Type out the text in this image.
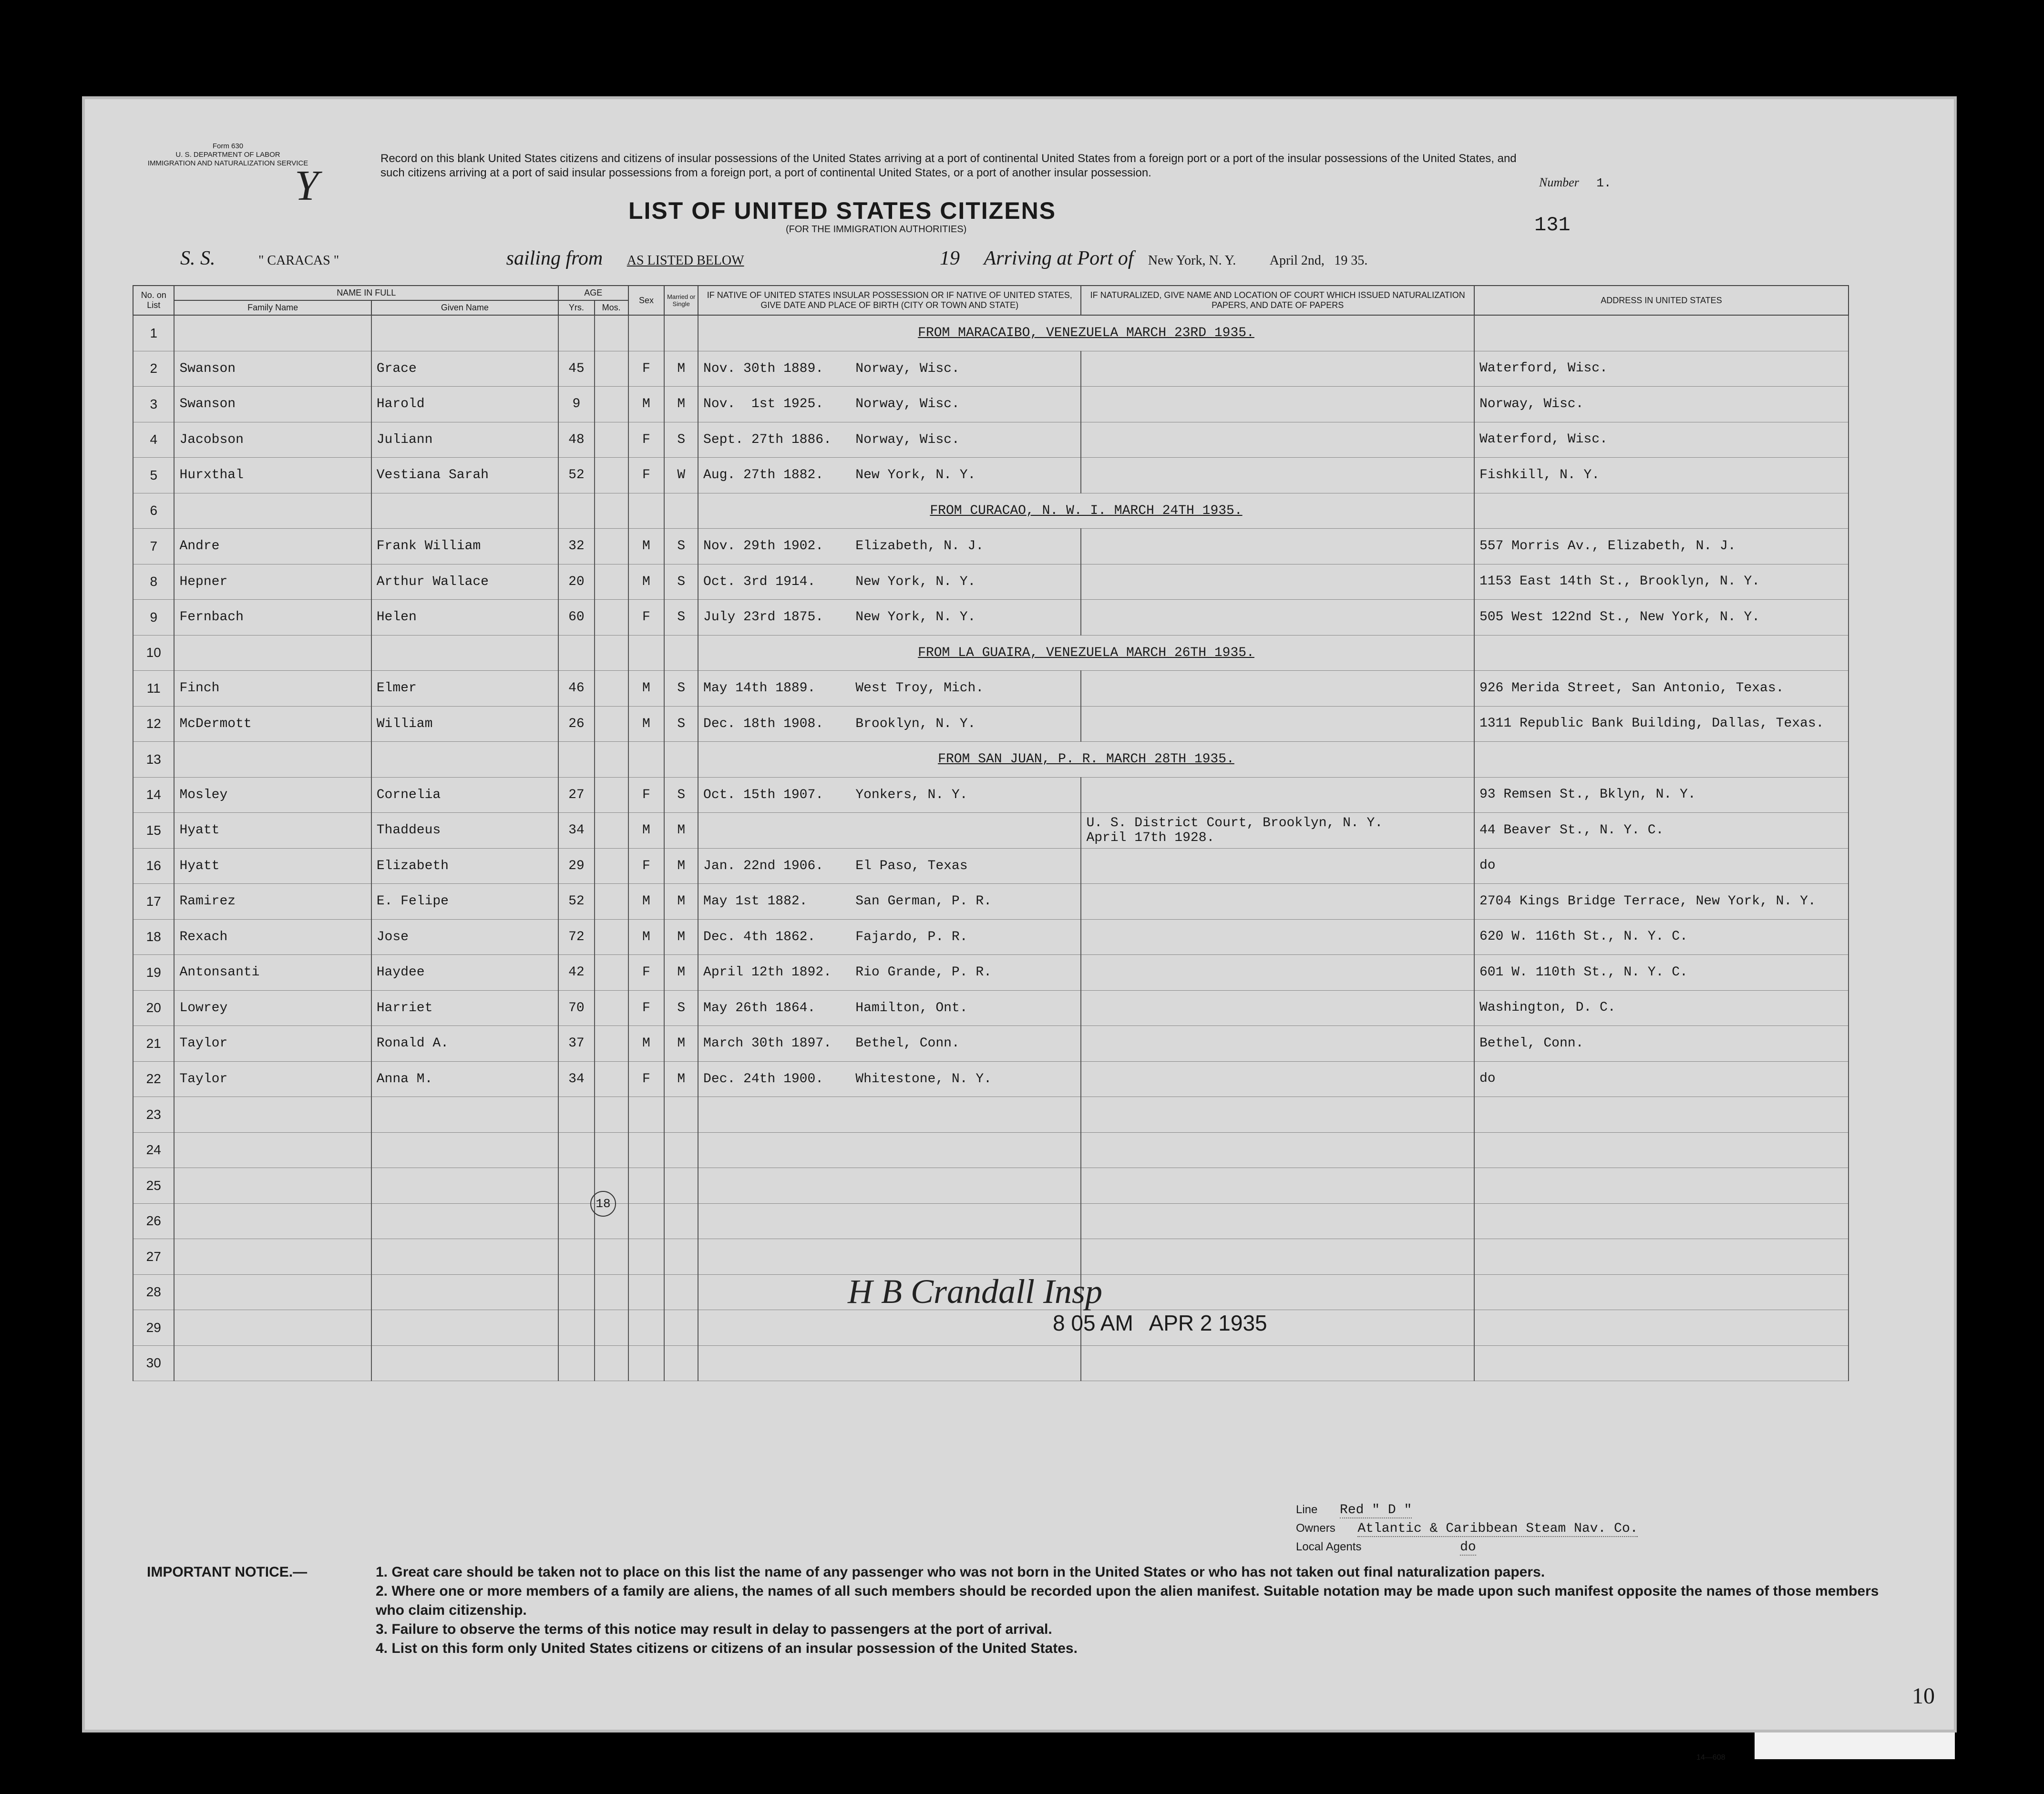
Form 630
U. S. DEPARTMENT OF LABOR
IMMIGRATION AND NATURALIZATION SERVICE
Y
Record on this blank United States citizens and citizens of insular possessions of the United States arriving at a port of continental United States from a foreign port or a port of the insular possessions of the United States, and such citizens arriving at a port of said insular possessions from a foreign port, a port of continental United States, or a port of another insular possession.
LIST OF UNITED STATES CITIZENS
(FOR THE IMMIGRATION AUTHORITIES)
Number 1.
131
S. S.	" CARACAS "	sailing from AS LISTED BELOW	19 Arriving at Port of New York, N. Y.	April 2nd, 19 35.
No. on List	NAME IN FULL		AGE		Sex	Married or Single	IF NATIVE OF UNITED STATES INSULAR POSSESSION OR IF NATIVE OF UNITED STATES, GIVE DATE AND PLACE OF BIRTH (CITY OR TOWN AND STATE)	IF NATURALIZED, GIVE NAME AND LOCATION OF COURT WHICH ISSUED NATURALIZATION PAPERS, AND DATE OF PAPERS	ADDRESS IN UNITED STATES
	Family Name	Given Name	Yrs.	Mos.					
1							FROM MARACAIBO, VENEZUELA MARCH 23RD 1935.		
2	Swanson	Grace	45		F	M	Nov. 30th 1889.    Norway, Wisc.		Waterford, Wisc.
3	Swanson	Harold	9		M	M	Nov.  1st 1925.    Norway, Wisc.		Norway, Wisc.
4	Jacobson	Juliann	48		F	S	Sept. 27th 1886.   Norway, Wisc.		Waterford, Wisc.
5	Hurxthal	Vestiana Sarah	52		F	W	Aug. 27th 1882.    New York, N. Y.		Fishkill, N. Y.
6							FROM CURACAO, N. W. I. MARCH 24TH 1935.		
7	Andre	Frank William	32		M	S	Nov. 29th 1902.    Elizabeth, N. J.		557 Morris Av., Elizabeth, N. J.
8	Hepner	Arthur Wallace	20		M	S	Oct. 3rd 1914.     New York, N. Y.		1153 East 14th St., Brooklyn, N. Y.
9	Fernbach	Helen	60		F	S	July 23rd 1875.    New York, N. Y.		505 West 122nd St., New York, N. Y.
10							FROM LA GUAIRA, VENEZUELA MARCH 26TH 1935.		
11	Finch	Elmer	46		M	S	May 14th 1889.     West Troy, Mich.		926 Merida Street, San Antonio, Texas.
12	McDermott	William	26		M	S	Dec. 18th 1908.    Brooklyn, N. Y.		1311 Republic Bank Building, Dallas, Texas.
13							FROM SAN JUAN, P. R. MARCH 28TH 1935.		
14	Mosley	Cornelia	27		F	S	Oct. 15th 1907.    Yonkers, N. Y.		93 Remsen St., Bklyn, N. Y.
15	Hyatt	Thaddeus	34		M	M		U. S. District Court, Brooklyn, N. Y.
April 17th 1928.	44 Beaver St., N. Y. C.
16	Hyatt	Elizabeth	29		F	M	Jan. 22nd 1906.    El Paso, Texas		do
17	Ramirez	E. Felipe	52		M	M	May 1st 1882.      San German, P. R.		2704 Kings Bridge Terrace, New York, N. Y.
18	Rexach	Jose	72		M	M	Dec. 4th 1862.     Fajardo, P. R.		620 W. 116th St., N. Y. C.
19	Antonsanti	Haydee	42		F	M	April 12th 1892.   Rio Grande, P. R.		601 W. 110th St., N. Y. C.
20	Lowrey	Harriet	70		F	S	May 26th 1864.     Hamilton, Ont.		Washington, D. C.
21	Taylor	Ronald A.	37		M	M	March 30th 1897.   Bethel, Conn.		Bethel, Conn.
22	Taylor	Anna M.	34		F	M	Dec. 24th 1900.    Whitestone, N. Y.		do
23									
24									
25									
26									
27									
28									
29									
30									
H B Crandall Insp
8 05 AM APR 2 1935
18
Line Red " D "
Owners Atlantic & Caribbean Steam Nav. Co.
Local Agents	do
IMPORTANT NOTICE.—	1. Great care should be taken not to place on this list the name of any passenger who was not born in the United States or who has not taken out final naturalization papers.
2. Where one or more members of a family are aliens, the names of all such members should be recorded upon the alien manifest. Suitable notation may be made upon such manifest opposite the names of those members who claim citizenship.
3. Failure to observe the terms of this notice may result in delay to passengers at the port of arrival.
4. List on this form only United States citizens or citizens of an insular possession of the United States.
14—608
10
